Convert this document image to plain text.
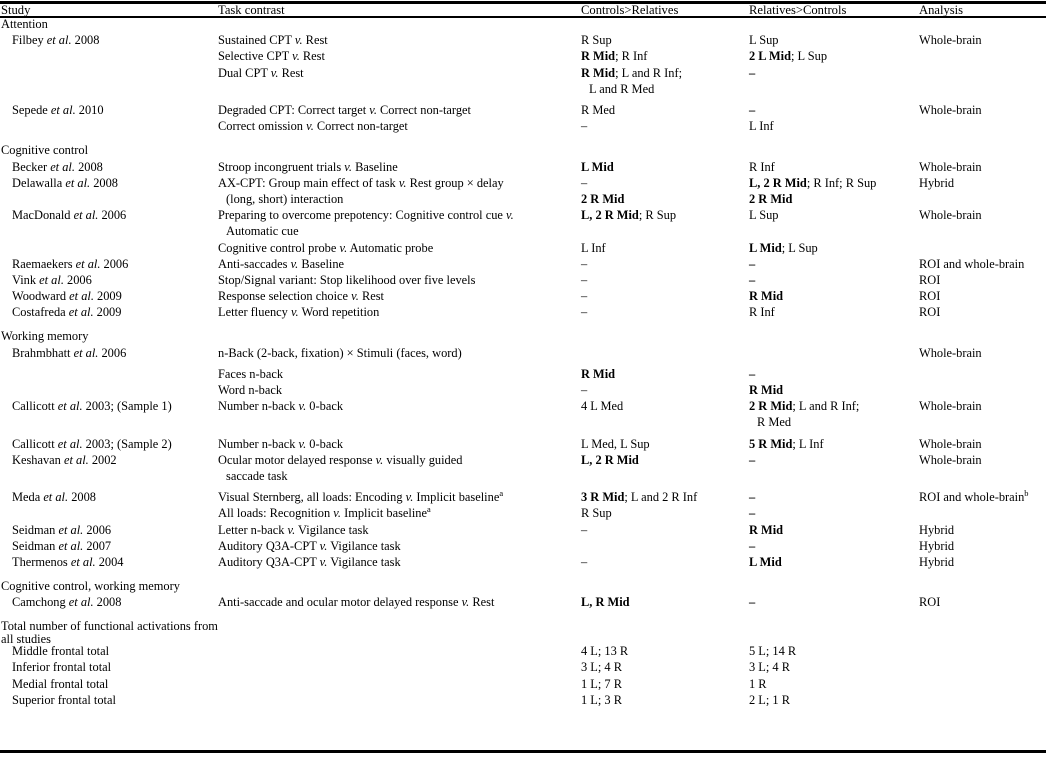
Study	Task contrast	Controls>Relatives	Relatives>Controls	Analysis
Attention				
Filbey et al. 2008	Sustained CPT v. Rest	R Sup	L Sup	Whole-brain
	Selective CPT v. Rest	R Mid; R Inf	2 L Mid; L Sup	
	Dual CPT v. Rest	R Mid; L and R Inf;	–	
		L and R Med		

Sepede et al. 2010	Degraded CPT: Correct target v. Correct non-target	R Med	–	Whole-brain
	Correct omission v. Correct non-target	–	L Inf	

Cognitive control				
Becker et al. 2008	Stroop incongruent trials v. Baseline	L Mid	R Inf	Whole-brain
Delawalla et al. 2008	AX-CPT: Group main effect of task v. Rest group × delay	–	L, 2 R Mid; R Inf; R Sup	Hybrid
	(long, short) interaction	2 R Mid	2 R Mid	
MacDonald et al. 2006	Preparing to overcome prepotency: Cognitive control cue v.	L, 2 R Mid; R Sup	L Sup	Whole-brain
	Automatic cue			
	Cognitive control probe v. Automatic probe	L Inf	L Mid; L Sup	
Raemaekers et al. 2006	Anti-saccades v. Baseline	–	–	ROI and whole-brain
Vink et al. 2006	Stop/Signal variant: Stop likelihood over five levels	–	–	ROI
Woodward et al. 2009	Response selection choice v. Rest	–	R Mid	ROI
Costafreda et al. 2009	Letter fluency v. Word repetition	–	R Inf	ROI

Working memory				
Brahmbhatt et al. 2006	n-Back (2-back, fixation) × Stimuli (faces, word)			Whole-brain

	Faces n-back	R Mid	–	
	Word n-back	–	R Mid	
Callicott et al. 2003; (Sample 1)	Number n-back v. 0-back	4 L Med	2 R Mid; L and R Inf;	Whole-brain
			R Med	

Callicott et al. 2003; (Sample 2)	Number n-back v. 0-back	L Med, L Sup	5 R Mid; L Inf	Whole-brain
Keshavan et al. 2002	Ocular motor delayed response v. visually guided	L, 2 R Mid	–	Whole-brain
	saccade task			

Meda et al. 2008	Visual Sternberg, all loads: Encoding v. Implicit baseline$^a$	3 R Mid; L and 2 R Inf	–	ROI and whole-brain$^b$
	All loads: Recognition v. Implicit baseline$^a$	R Sup	–	
Seidman et al. 2006	Letter n-back v. Vigilance task	–	R Mid	Hybrid
Seidman et al. 2007	Auditory Q3A-CPT v. Vigilance task		–	Hybrid
Thermenos et al. 2004	Auditory Q3A-CPT v. Vigilance task	–	L Mid	Hybrid

Cognitive control, working memory				
Camchong et al. 2008	Anti-saccade and ocular motor delayed response v. Rest	L, R Mid	–	ROI

Total number of functional activations from all studies				
Middle frontal total		4 L; 13 R	5 L; 14 R	
Inferior frontal total		3 L; 4 R	3 L; 4 R	
Medial frontal total		1 L; 7 R	1 R	
Superior frontal total		1 L; 3 R	2 L; 1 R	
